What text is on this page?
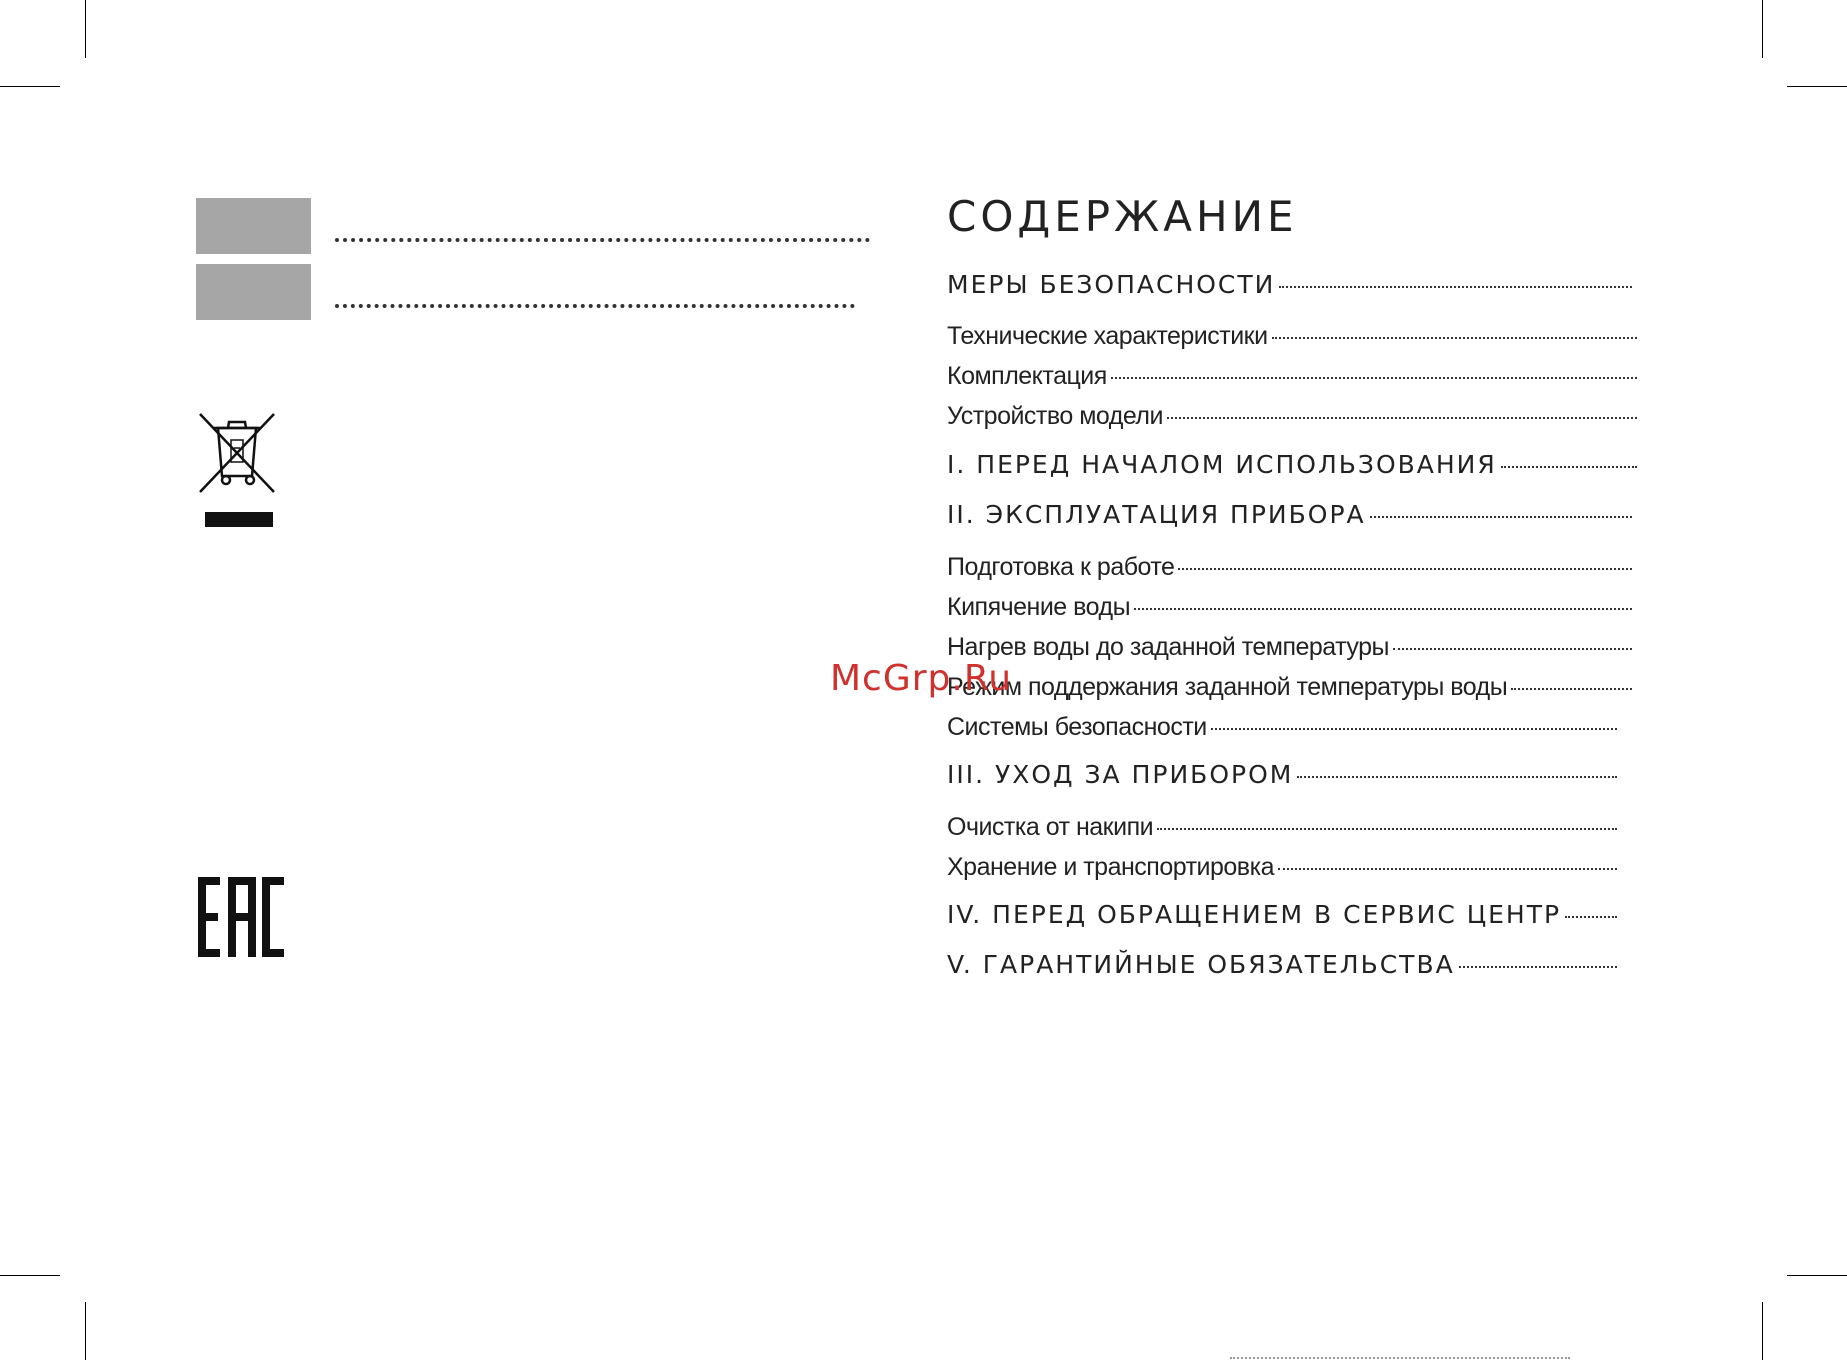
СОДЕРЖАНИЕ
МЕРЫ БЕЗОПАСНОСТИ
Технические характеристики
Комплектация
Устройство модели
I. ПЕРЕД НАЧАЛОМ ИСПОЛЬЗОВАНИЯ
II. ЭКСПЛУАТАЦИЯ ПРИБОРА
Подготовка к работе
Кипячение воды
Нагрев воды до заданной температуры
Режим поддержания заданной температуры воды
Системы безопасности
III. УХОД ЗА ПРИБОРОМ
Очистка от накипи
Хранение и транспортировка
IV. ПЕРЕД ОБРАЩЕНИЕМ В СЕРВИС ЦЕНТР
V. ГАРАНТИЙНЫЕ ОБЯЗАТЕЛЬСТВА
McGrp.Ru
